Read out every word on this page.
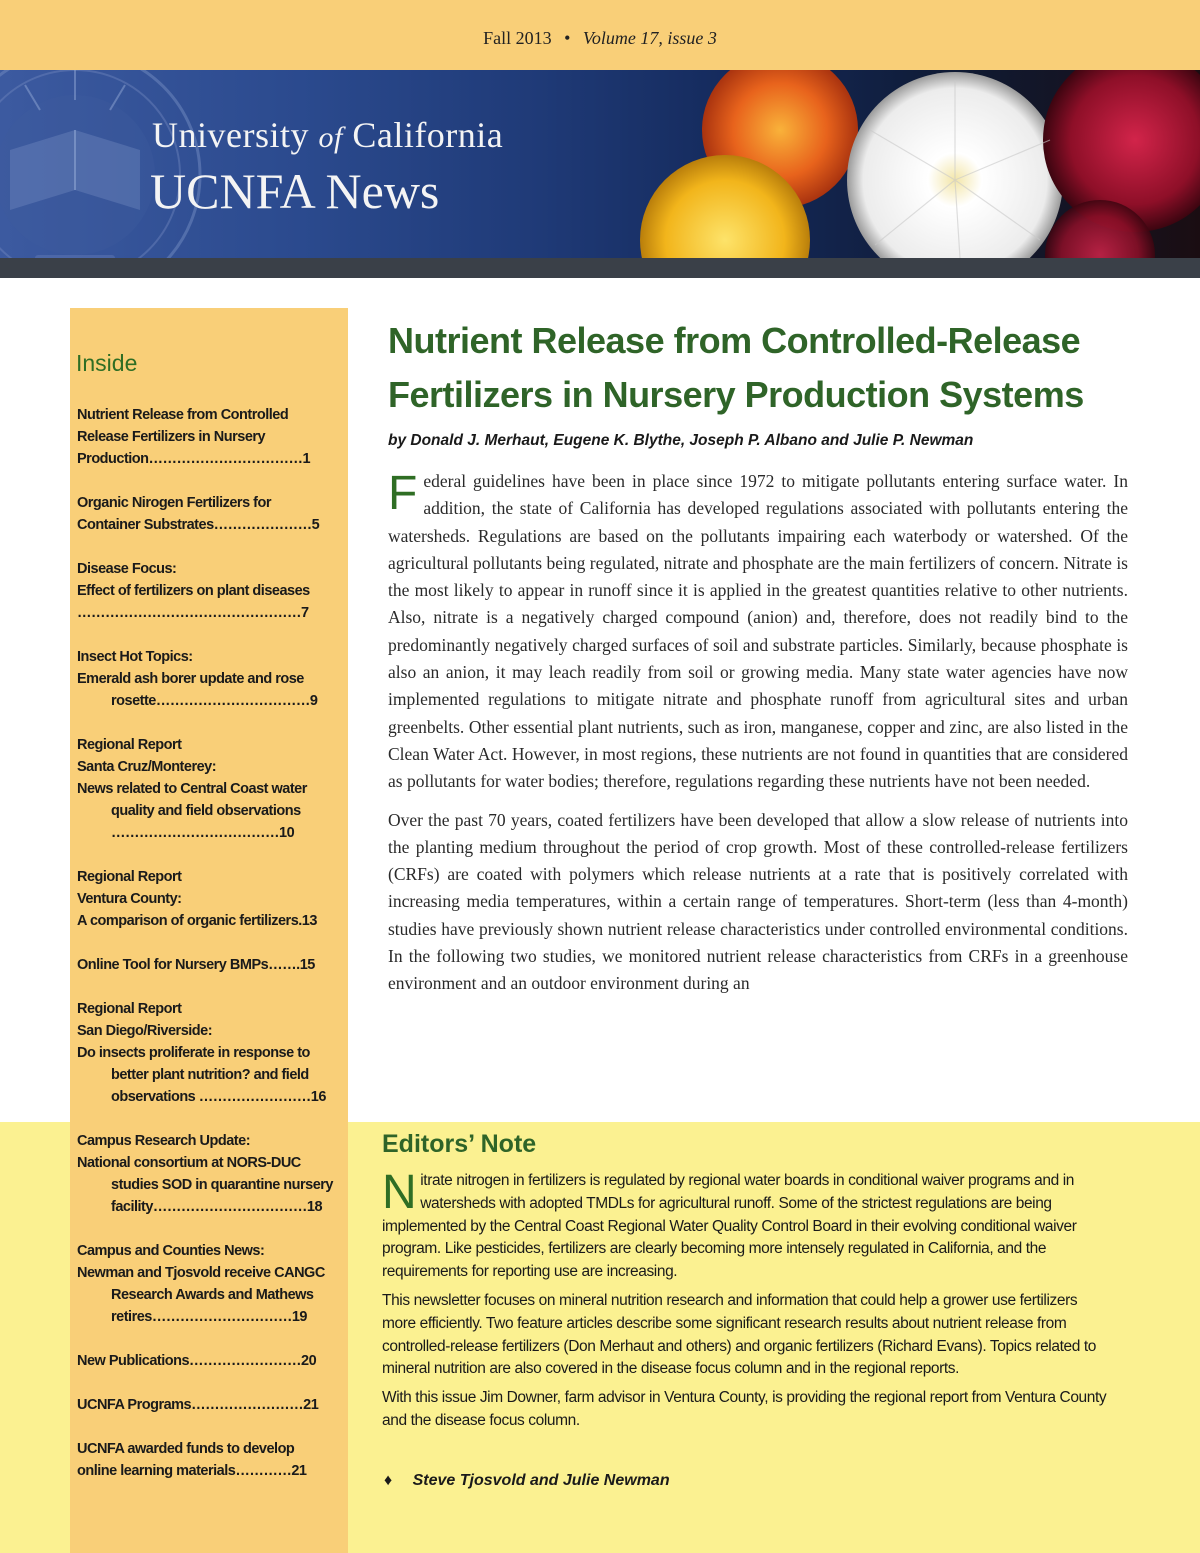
Fall 2013 • Volume 17, issue 3
University of California
UCNFA News
Inside
Nutrient Release from Controlled
Release Fertilizers in Nursery
Production……………………………1
Organic Nirogen Fertilizers for
Container Substrates…………………5
Disease Focus:
Effect of fertilizers on plant diseases
…………………………………………7
Insect Hot Topics:
Emerald ash borer update and rose
rosette……………………………9
Regional Report
Santa Cruz/Monterey:
News related to Central Coast water
quality and field observations
………………………………10
Regional Report
Ventura County:
A comparison of organic fertilizers.13
Online Tool for Nursery BMPs…….15
Regional Report
San Diego/Riverside:
Do insects proliferate in response to
better plant nutrition? and field
observations ……………………16
Campus Research Update:
National consortium at NORS-DUC
studies SOD in quarantine nursery
facility……………………………18
Campus and Counties News:
Newman and Tjosvold receive CANGC
Research Awards and Mathews
retires…………………………19
New Publications……………………20
UCNFA Programs……………………21
UCNFA awarded funds to develop
online learning materials…………21
Nutrient Release from Controlled-Release
Fertilizers in Nursery Production Systems
by Donald J. Merhaut, Eugene K. Blythe, Joseph P. Albano and Julie P. Newman

F ederal guidelines have been in place since 1972 to mitigate pollutants entering surface water. In addition, the state of California has developed regulations associated with pollutants entering the watersheds. Regulations are based on the pollutants impairing each waterbody or watershed. Of the agricultural pollutants being regulated, nitrate and phosphate are the main fertilizers of concern. Nitrate is the most likely to appear in runoff since it is applied in the greatest quantities relative to other nutrients. Also, nitrate is a negatively charged compound (anion) and, therefore, does not readily bind to the predominantly negatively charged surfaces of soil and substrate particles. Similarly, because phosphate is also an anion, it may leach readily from soil or growing media. Many state water agencies have now implemented regulations to mitigate nitrate and phosphate runoff from agricultural sites and urban greenbelts. Other essential plant nutrients, such as iron, manganese, copper and zinc, are also listed in the Clean Water Act. However, in most regions, these nutrients are not found in quantities that are considered as pollutants for water bodies; therefore, regulations regarding these nutrients have not been needed.

Over the past 70 years, coated fertilizers have been developed that allow a slow release of nutrients into the planting medium throughout the period of crop growth. Most of these controlled-release fertilizers (CRFs) are coated with polymers which release nutrients at a rate that is positively correlated with increasing media temperatures, within a certain range of temperatures. Short-term (less than 4-month) studies have previously shown nutrient release characteristics under controlled environmental conditions. In the following two studies, we monitored nutrient release characteristics from CRFs in a greenhouse environment and an outdoor environment during an

Editors’ Note

N itrate nitrogen in fertilizers is regulated by regional water boards in conditional waiver programs and in watersheds with adopted TMDLs for agricultural runoff. Some of the strictest regulations are being implemented by the Central Coast Regional Water Quality Control Board in their evolving conditional waiver program. Like pesticides, fertilizers are clearly becoming more intensely regulated in California, and the requirements for reporting use are increasing.

This newsletter focuses on mineral nutrition research and information that could help a grower use fertilizers more efficiently. Two feature articles describe some significant research results about nutrient release from controlled-release fertilizers (Don Merhaut and others) and organic fertilizers (Richard Evans). Topics related to mineral nutrition are also covered in the disease focus column and in the regional reports.

With this issue Jim Downer, farm advisor in Ventura County, is providing the regional report from Ventura County and the disease focus column.

♦ Steve Tjosvold and Julie Newman
